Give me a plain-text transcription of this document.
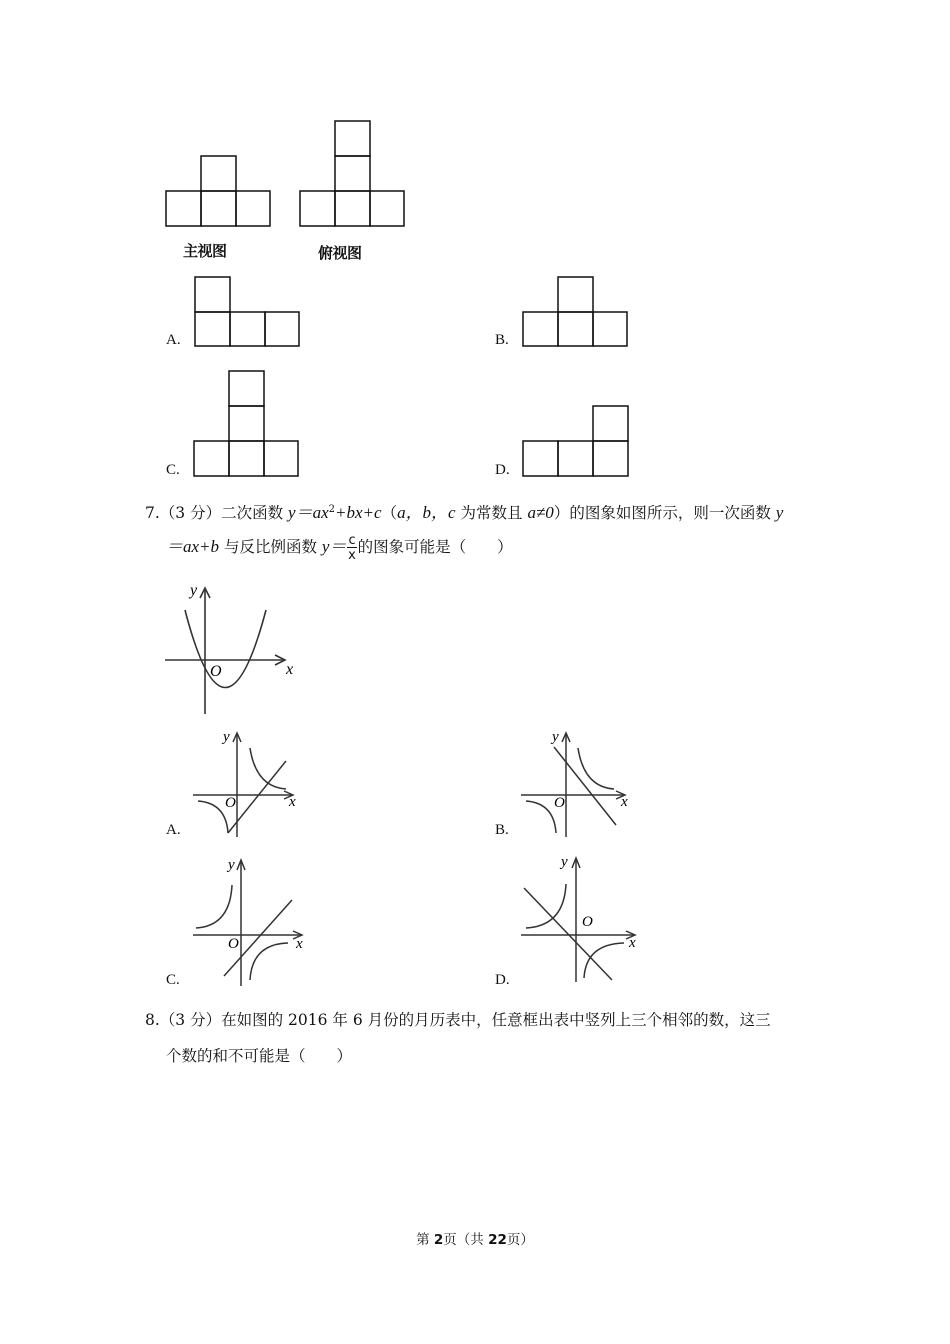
主视图	俯视图
A.	B.
C.	D.
7.（3 分）二次函数 $y=ax^2+bx+c(a$，b，c 为常数且 a≠0）的图象如图所示，则一次函数 y
＝ax+b 与反比例函数 $y= \frac{c}{x}$ 的图象可能是（　　）
y
x
O
A.
y
x
O
B.
y
x
O
C.
y
x
O
D.
y
x
O
8.（3 分）在如图的 2016 年 6 月份的月历表中，任意框出表中竖列上三个相邻的数，这三
个数的和不可能是（　　）
第 2页（共 22页）
